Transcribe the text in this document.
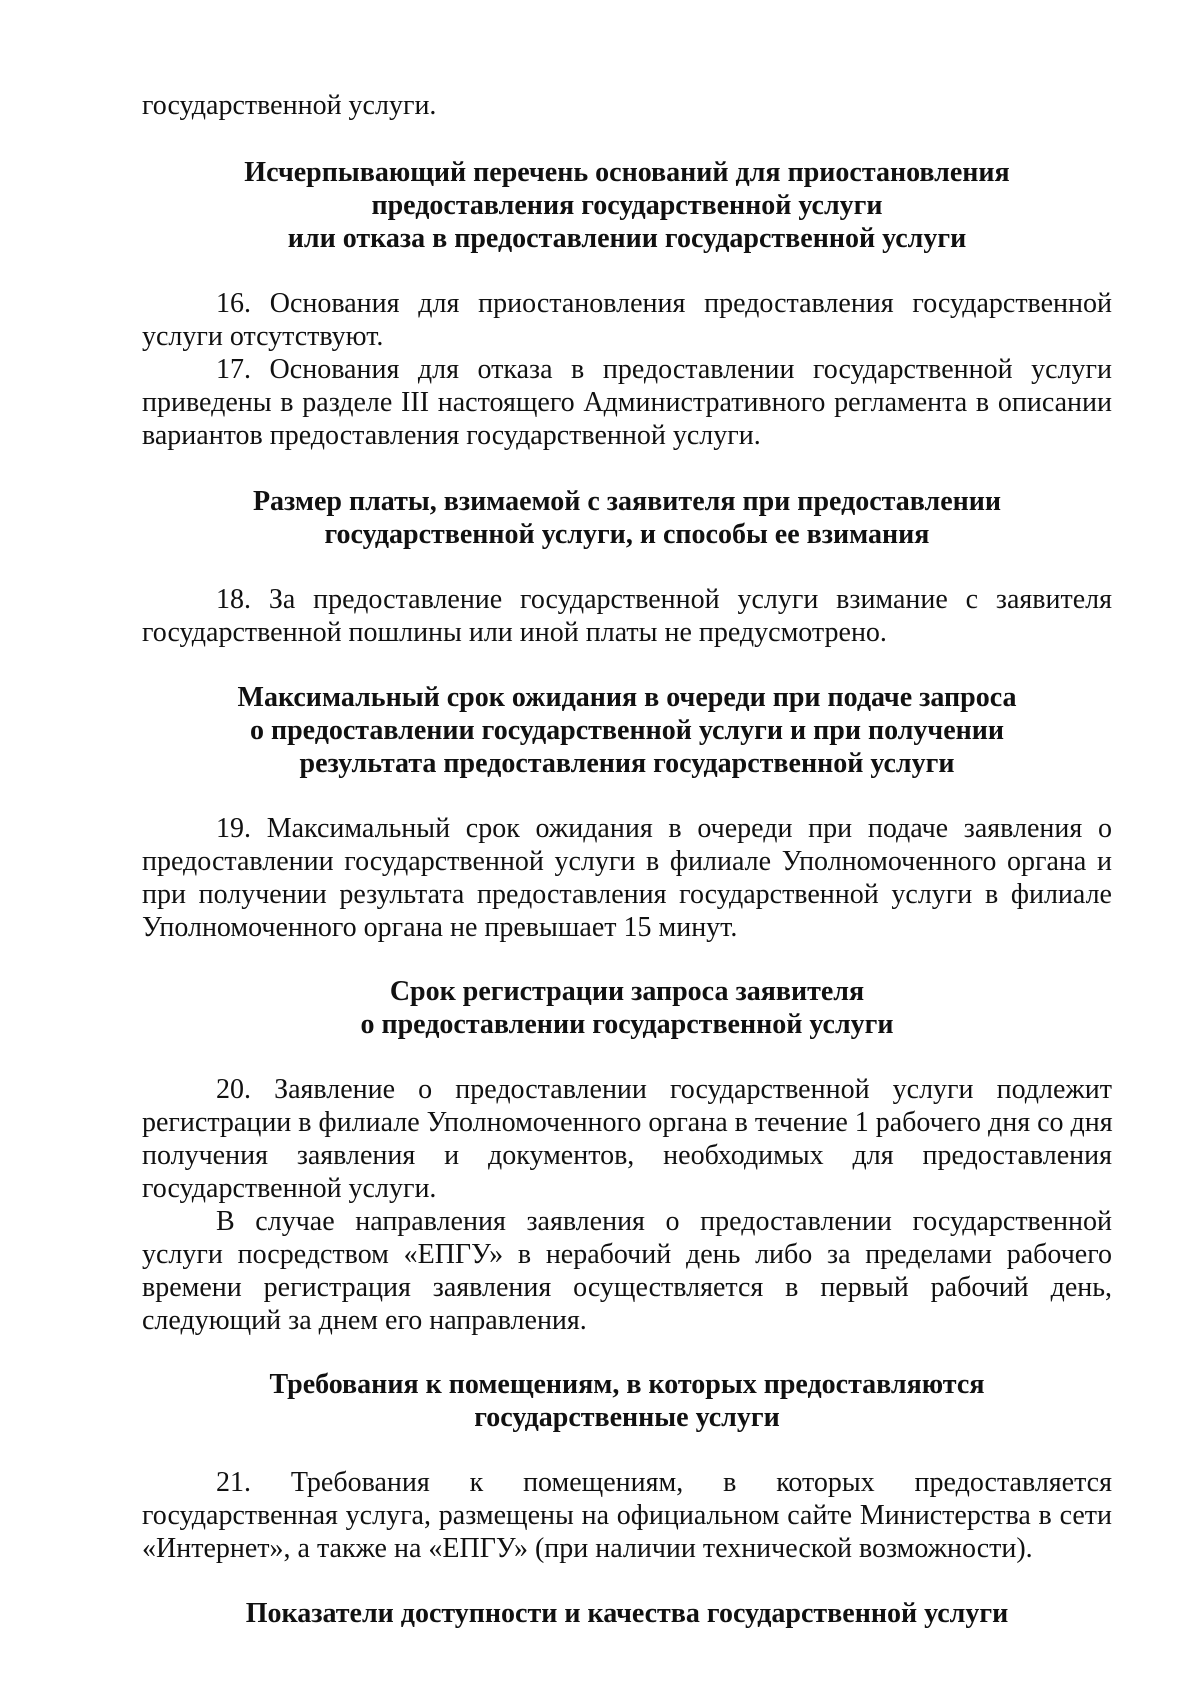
государственной услуги.
Исчерпывающий перечень оснований для приостановления
предоставления государственной услуги
или отказа в предоставлении государственной услуги
16. Основания для приостановления предоставления государственной
услуги отсутствуют.
17. Основания для отказа в предоставлении государственной услуги
приведены в разделе III настоящего Административного регламента в описании
вариантов предоставления государственной услуги.
Размер платы, взимаемой с заявителя при предоставлении
государственной услуги, и способы ее взимания
18. За предоставление государственной услуги взимание с заявителя
государственной пошлины или иной платы не предусмотрено.
Максимальный срок ожидания в очереди при подаче запроса
о предоставлении государственной услуги и при получении
результата предоставления государственной услуги
19. Максимальный срок ожидания в очереди при подаче заявления о
предоставлении государственной услуги в филиале Уполномоченного органа и
при получении результата предоставления государственной услуги в филиале
Уполномоченного органа не превышает 15 минут.
Срок регистрации запроса заявителя
о предоставлении государственной услуги
20. Заявление о предоставлении государственной услуги подлежит
регистрации в филиале Уполномоченного органа в течение 1 рабочего дня со дня
получения заявления и документов, необходимых для предоставления
государственной услуги.
В случае направления заявления о предоставлении государственной
услуги посредством «ЕПГУ» в нерабочий день либо за пределами рабочего
времени регистрация заявления осуществляется в первый рабочий день,
следующий за днем его направления.
Требования к помещениям, в которых предоставляются
государственные услуги
21. Требования к помещениям, в которых предоставляется
государственная услуга, размещены на официальном сайте Министерства в сети
«Интернет», а также на «ЕПГУ» (при наличии технической возможности).
Показатели доступности и качества государственной услуги
